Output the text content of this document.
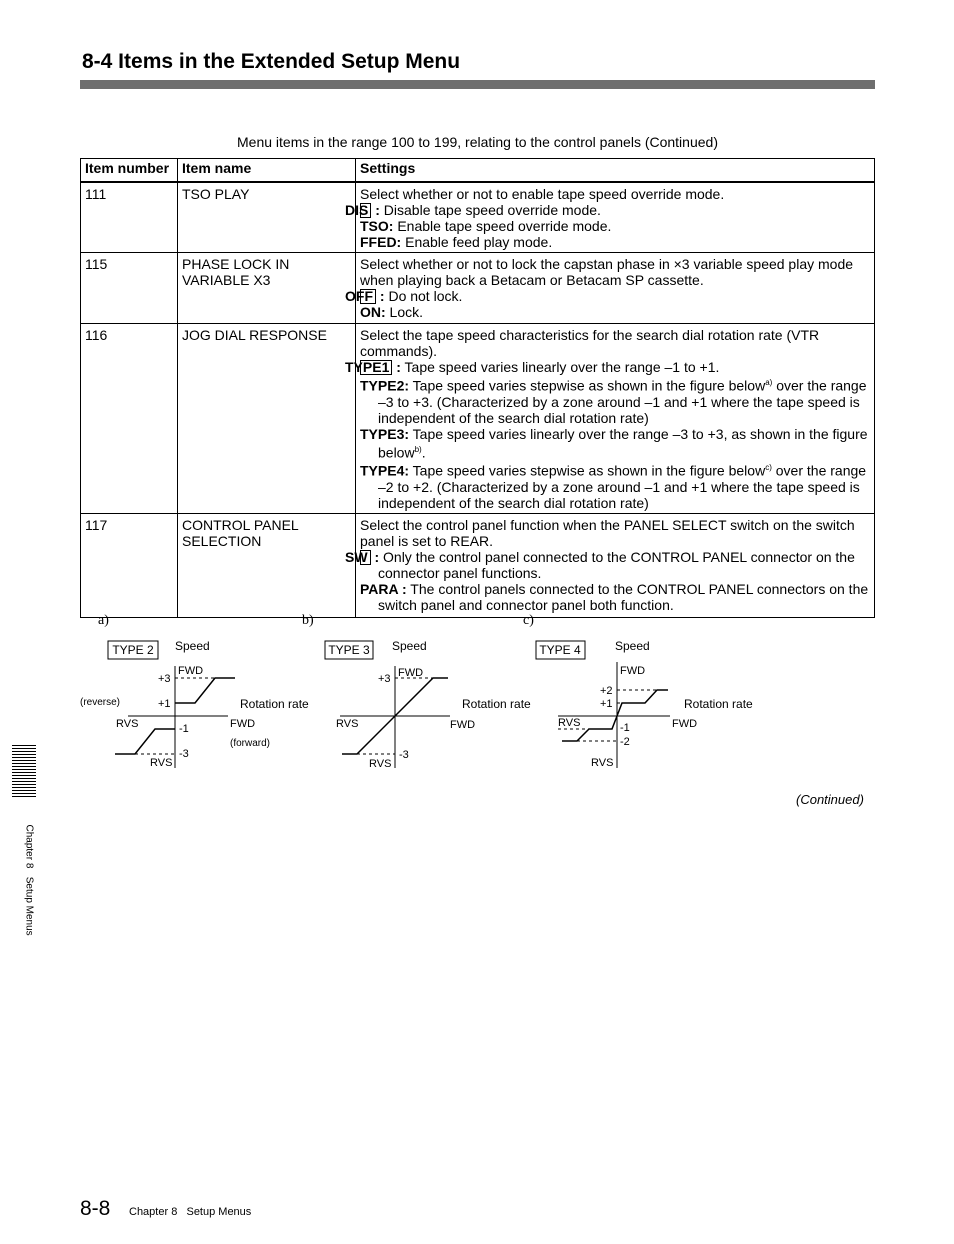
8-4 Items in the Extended Setup Menu
Menu items in the range 100 to 199, relating to the control panels (Continued)
Item number	Item name	Settings
111	TSO PLAY	Select whether or not to enable tape speed override mode.
DIS : Disable tape speed override mode.
TSO: Enable tape speed override mode.
FFED: Enable feed play mode.

115	PHASE LOCK IN VARIABLE X3	Select whether or not to lock the capstan phase in ×3 variable speed play mode when playing back a Betacam or Betacam SP cassette.
OFF : Do not lock.
ON: Lock.

116	JOG DIAL RESPONSE	Select the tape speed characteristics for the search dial rotation rate (VTR commands).
TYPE1 : Tape speed varies linearly over the range –1 to +1.
TYPE2: Tape speed varies stepwise as shown in the figure below$^{a)}$ over the range –3 to +3. (Characterized by a zone around –1 and +1 where the tape speed is independent of the search dial rotation rate)
TYPE3: Tape speed varies linearly over the range –3 to +3, as shown in the figure below$^{b)}$.
TYPE4: Tape speed varies stepwise as shown in the figure below$^{c)}$ over the range –2 to +2. (Characterized by a zone around –1 and +1 where the tape speed is independent of the search dial rotation rate)

117	CONTROL PANEL SELECTION	Select the control panel function when the PANEL SELECT switch on the switch panel is set to REAR.
SW : Only the control panel connected to the CONTROL PANEL connector on the connector panel functions.
PARA : The control panels connected to the CONTROL PANEL connectors on the switch panel and connector panel both function.
a)	b)	c)
TYPE 2 Speed
FWD
+3
+1	Rotation rate
(reverse)
RVS	-1	FWD
(forward)
-3
RVS
TYPE 3 Speed
FWD
+3
Rotation rate
RVS	FWD
-3
RVS
TYPE 4	Speed
FWD
+2
+1	Rotation rate
RVS	-1	FWD
-2
RVS
(Continued)
Chapter 8   Setup Menus
8-8 Chapter 8   Setup Menus
